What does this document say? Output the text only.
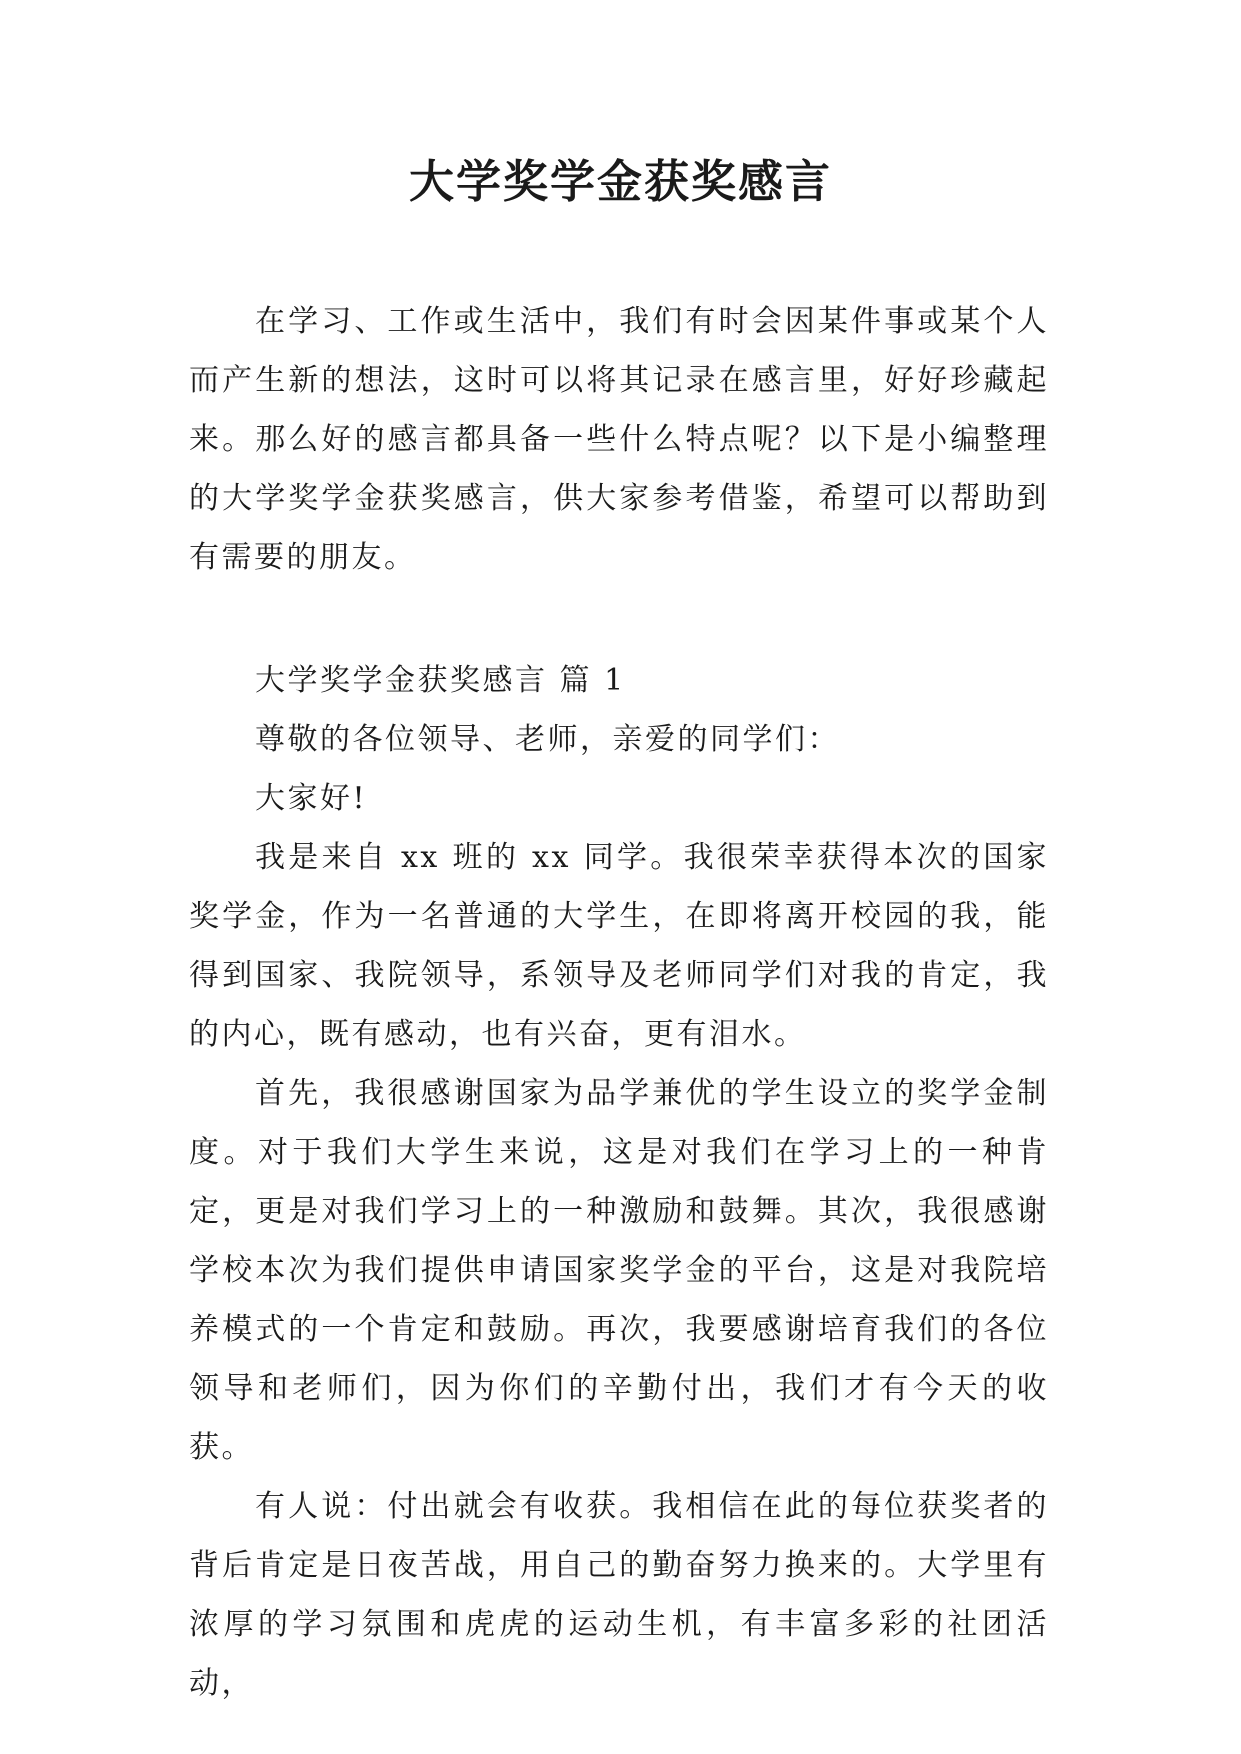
大学奖学金获奖感言

在学习、工作或生活中，我们有时会因某件事或某个人而产生新的想法，这时可以将其记录在感言里，好好珍藏起来。那么好的感言都具备一些什么特点呢？以下是小编整理的大学奖学金获奖感言，供大家参考借鉴，希望可以帮助到有需要的朋友。

大学奖学金获奖感言 篇 1

尊敬的各位领导、老师，亲爱的同学们：

大家好!

我是来自 xx 班的 xx 同学。我很荣幸获得本次的国家奖学金，作为一名普通的大学生，在即将离开校园的我，能得到国家、我院领导，系领导及老师同学们对我的肯定，我的内心，既有感动，也有兴奋，更有泪水。

首先，我很感谢国家为品学兼优的学生设立的奖学金制度。对于我们大学生来说，这是对我们在学习上的一种肯定，更是对我们学习上的一种激励和鼓舞。其次，我很感谢学校本次为我们提供申请国家奖学金的平台，这是对我院培养模式的一个肯定和鼓励。再次，我要感谢培育我们的各位领导和老师们，因为你们的辛勤付出，我们才有今天的收获。

有人说：付出就会有收获。我相信在此的每位获奖者的背后肯定是日夜苦战，用自己的勤奋努力换来的。大学里有浓厚的学习氛围和虎虎的运动生机，有丰富多彩的社团活动，
